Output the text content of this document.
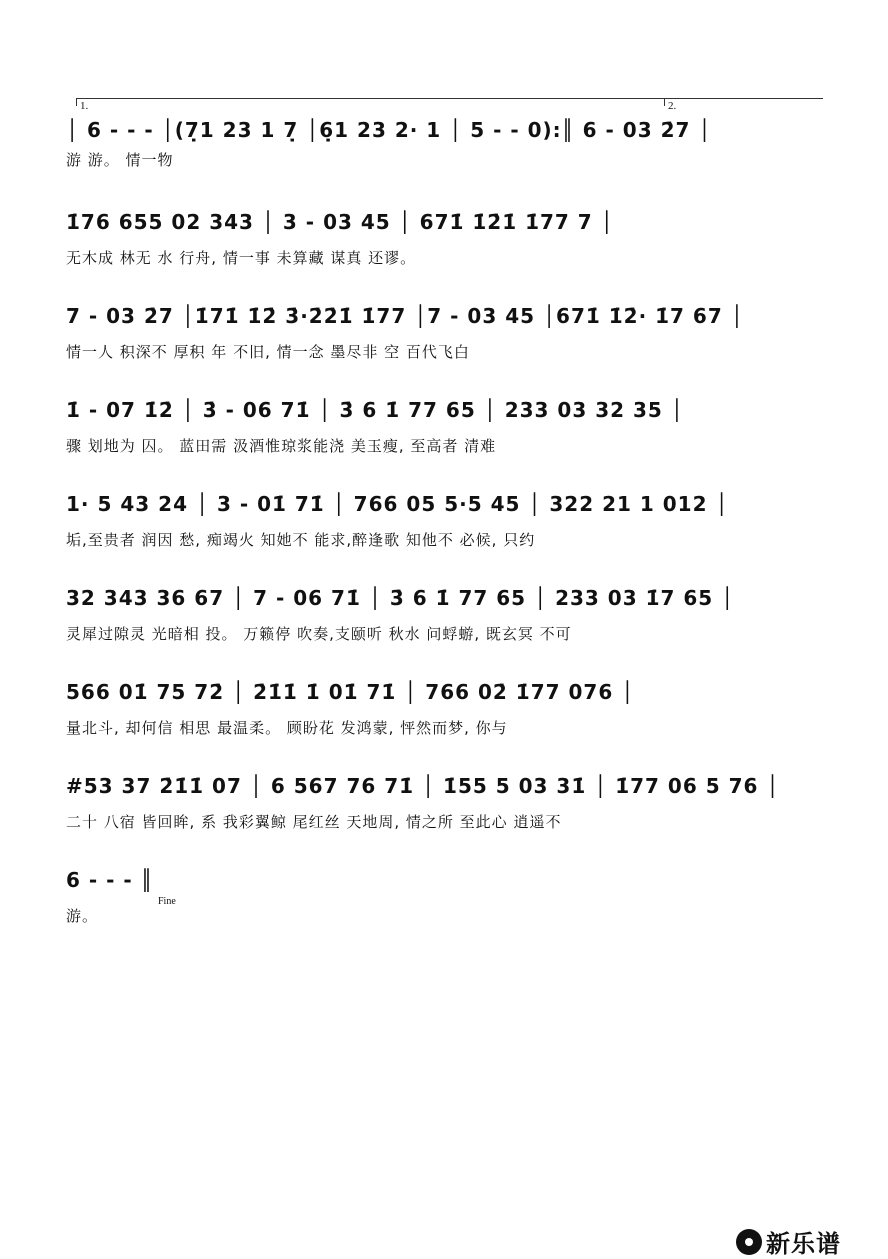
1.	2.
│ 6 - - - │(7̣1 23 1 7̣ │6̣1 23 2· 1 │ 5 - - 0):║ 6 - 03 2̇7 │
游 游。 情一物
1̇76 655 02 343 │ 3 - 03 45 │ 671̇ 1̇2̇1̇ 1̇77 7 │
无木成 林无 水 行舟, 情一事 未算藏 谋真 还谬。
7 - 03 2̇7 │1̇71̇ 1̇2̇ 3̇·2̇2̇1̇ 1̇77 │7 - 03 45 │671̇ 1̇2̇· 1̇7 67 │
情一人 积深不 厚积 年 不旧, 情一念 墨尽非 空 百代飞白
1̇ - 07 1̇2̇ │ 3̇ - 06 71̇ │ 3̇ 6 1̇ 77 65 │ 233 03 32 35 │
骤 划地为 囚。 蓝田需 汲酒惟琼浆能浇 美玉瘦, 至高者 清难
1· 5 43 24 │ 3 - 01̇ 71̇ │ 766 05 5·5 45 │ 322 21 1 012 │
垢,至贵者 润因 愁, 痴竭火 知她不 能求,醉逢歌 知他不 必候, 只约
32 343 36 67 │ 7 - 06 71̇ │ 3̇ 6 1̇ 77 65 │ 233 03 1̇7 65 │
灵犀过隙灵 光暗相 投。 万籁停 吹奏,支颐听 秋水 问蜉蝣, 既玄冥 不可
566 01̇ 75 72̇ │ 2̇1̇1̇ 1̇ 01̇ 71̇ │ 766 02̇ 1̇77 076 │
量北斗, 却何信 相思 最温柔。 顾盼花 发鸿蒙, 怦然而梦, 你与
#53 37 2̇1̇1̇ 07 │ 6 567 76 71̇ │ 1̇55 5 03 31̇ │ 1̇77 06 5 76 │
二十 八宿 皆回眸, 系 我彩翼鲸 尾红丝 天地周, 情之所 至此心 逍遥不
6 - - - ║
Fine
游。
新乐谱
